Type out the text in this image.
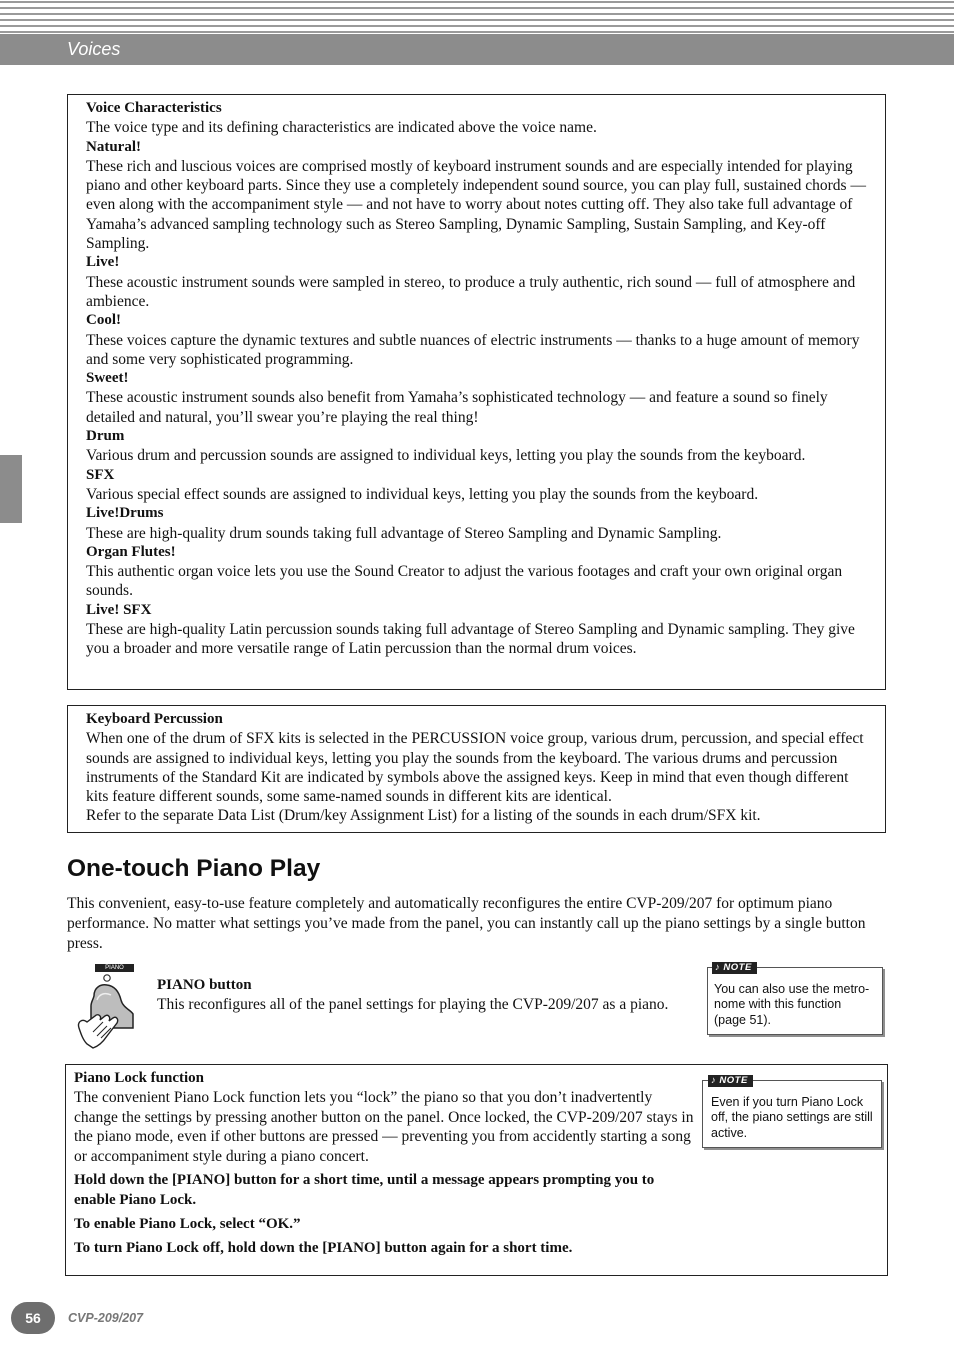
Voices

Voice Characteristics

The voice type and its defining characteristics are indicated above the voice name.

Natural!

These rich and luscious voices are comprised mostly of keyboard instrument sounds and are especially intended for playing piano and other keyboard parts. Since they use a completely independent sound source, you can play full, sustained chords — even along with the accompaniment style — and not have to worry about notes cutting off. They also take full advantage of Yamaha’s advanced sampling technology such as Stereo Sampling, Dynamic Sampling, Sustain Sampling, and Key-off Sampling.

Live!

These acoustic instrument sounds were sampled in stereo, to produce a truly authentic, rich sound — full of atmosphere and ambience.

Cool!

These voices capture the dynamic textures and subtle nuances of electric instruments — thanks to a huge amount of memory and some very sophisticated programming.

Sweet!

These acoustic instrument sounds also benefit from Yamaha’s sophisticated technology — and feature a sound so finely detailed and natural, you’ll swear you’re playing the real thing!

Drum

Various drum and percussion sounds are assigned to individual keys, letting you play the sounds from the keyboard.

SFX

Various special effect sounds are assigned to individual keys, letting you play the sounds from the keyboard.

Live!Drums

These are high-quality drum sounds taking full advantage of Stereo Sampling and Dynamic Sampling.

Organ Flutes!

This authentic organ voice lets you use the Sound Creator to adjust the various footages and craft your own original organ sounds.

Live! SFX

These are high-quality Latin percussion sounds taking full advantage of Stereo Sampling and Dynamic sampling. They give you a broader and more versatile range of Latin percussion than the normal drum voices.

Keyboard Percussion

When one of the drum of SFX kits is selected in the PERCUSSION voice group, various drum, percussion, and special effect sounds are assigned to individual keys, letting you play the sounds from the keyboard. The various drums and percussion instruments of the Standard Kit are indicated by symbols above the assigned keys. Keep in mind that even though different kits feature different sounds, some same-named sounds in different kits are identical.

Refer to the separate Data List (Drum/key Assignment List) for a listing of the sounds in each drum/SFX kit.

One-touch Piano Play

This convenient, easy-to-use feature completely and automatically reconfigures the entire CVP-209/207 for optimum piano performance. No matter what settings you’ve made from the panel, you can instantly call up the piano settings by a single button press.

PIANO

PIANO button

This reconfigures all of the panel settings for playing the CVP-209/207 as a piano.

You can also use the metro-nome with this function (page 51).

♪ NOTE

Piano Lock function

The convenient Piano Lock function lets you “lock” the piano so that you don’t inadvertently change the settings by pressing another button on the panel. Once locked, the CVP-209/207 stays in the piano mode, even if other buttons are pressed — preventing you from accidently starting a song or accompaniment style during a piano concert.

Hold down the [PIANO] button for a short time, until a message appears prompting you to enable Piano Lock.

To enable Piano Lock, select “OK.”

To turn Piano Lock off, hold down the [PIANO] button again for a short time.

Even if you turn Piano Lock off, the piano settings are still active.

♪ NOTE
56	CVP-209/207
